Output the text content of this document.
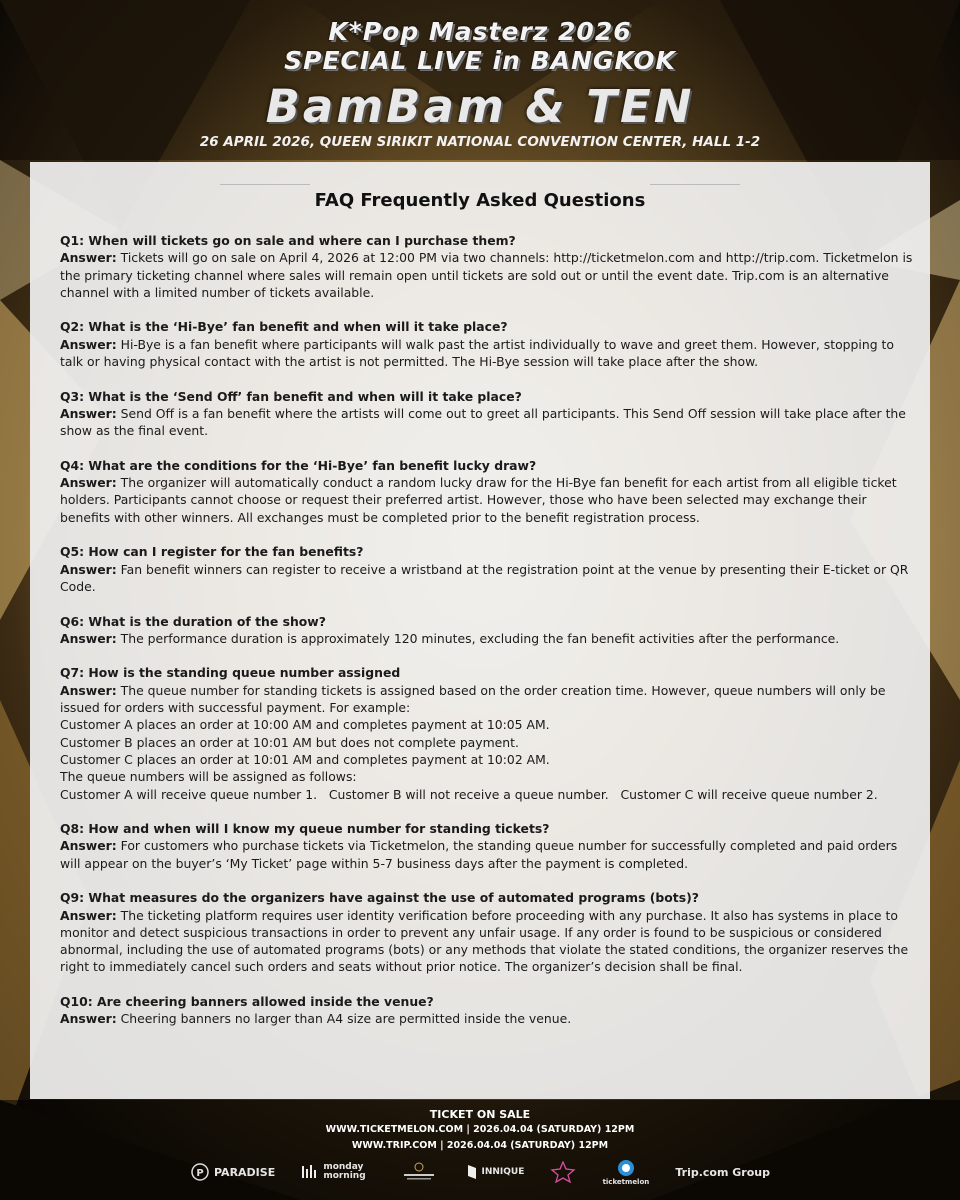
K*Pop Masterz 2026
SPECIAL LIVE in BANGKOK
BamBam & TEN
26 APRIL 2026, QUEEN SIRIKIT NATIONAL CONVENTION CENTER, HALL 1-2
FAQ Frequently Asked Questions
Q1: When will tickets go on sale and where can I purchase them?
Answer: Tickets will go on sale on April 4, 2026 at 12:00 PM via two channels: http://ticketmelon.com and http://trip.com. Ticketmelon is the primary ticketing channel where sales will remain open until tickets are sold out or until the event date. Trip.com is an alternative channel with a limited number of tickets available.
Q2: What is the ‘Hi-Bye’ fan benefit and when will it take place?
Answer: Hi-Bye is a fan benefit where participants will walk past the artist individually to wave and greet them. However, stopping to talk or having physical contact with the artist is not permitted. The Hi-Bye session will take place after the show.
Q3: What is the ‘Send Off’ fan benefit and when will it take place?
Answer: Send Off is a fan benefit where the artists will come out to greet all participants. This Send Off session will take place after the show as the final event.
Q4: What are the conditions for the ‘Hi-Bye’ fan benefit lucky draw?
Answer: The organizer will automatically conduct a random lucky draw for the Hi-Bye fan benefit for each artist from all eligible ticket holders. Participants cannot choose or request their preferred artist. However, those who have been selected may exchange their benefits with other winners. All exchanges must be completed prior to the benefit registration process.
Q5: How can I register for the fan benefits?
Answer: Fan benefit winners can register to receive a wristband at the registration point at the venue by presenting their E-ticket or QR Code.
Q6: What is the duration of the show?
Answer: The performance duration is approximately 120 minutes, excluding the fan benefit activities after the performance.
Q7: How is the standing queue number assigned
Answer: The queue number for standing tickets is assigned based on the order creation time. However, queue numbers will only be issued for orders with successful payment. For example:
Customer A places an order at 10:00 AM and completes payment at 10:05 AM.
Customer B places an order at 10:01 AM but does not complete payment.
Customer C places an order at 10:01 AM and completes payment at 10:02 AM.
The queue numbers will be assigned as follows:
Customer A will receive queue number 1.   Customer B will not receive a queue number.   Customer C will receive queue number 2.
Q8: How and when will I know my queue number for standing tickets?
Answer: For customers who purchase tickets via Ticketmelon, the standing queue number for successfully completed and paid orders will appear on the buyer’s ‘My Ticket’ page within 5-7 business days after the payment is completed.
Q9: What measures do the organizers have against the use of automated programs (bots)?
Answer: The ticketing platform requires user identity verification before proceeding with any purchase. It also has systems in place to monitor and detect suspicious transactions in order to prevent any unfair usage. If any order is found to be suspicious or considered abnormal, including the use of automated programs (bots) or any methods that violate the stated conditions, the organizer reserves the right to immediately cancel such orders and seats without prior notice. The organizer’s decision shall be final.
Q10: Are cheering banners allowed inside the venue?
Answer: Cheering banners no larger than A4 size are permitted inside the venue.
TICKET ON SALE
WWW.TICKETMELON.COM | 2026.04.04 (SATURDAY) 12PM
WWW.TRIP.COM | 2026.04.04 (SATURDAY) 12PM
P PARADISE	monday morning	INNIQUE
ticketmelon
Trip.com Group
